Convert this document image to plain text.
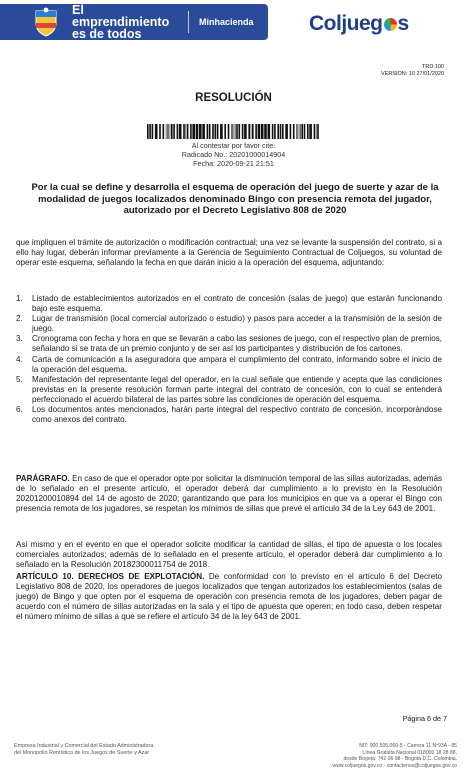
El emprendimiento
es de todos
Minhacienda	Coljueg s
TRD:100
VERSION: 10 27/01/2020
RESOLUCIÓN
Al contestar por favor cite:
Radicado No.: 20201000014904
Fecha: 2020-09-21 21:51
Por la cual se define y desarrolla el esquema de operación del juego de suerte y azar de la modalidad de juegos localizados denominado Bingo con presencia remota del jugador, autorizado por el Decreto Legislativo 808 de 2020
que impliquen el trámite de autorización o modificación contractual; una vez se levante la suspensión del contrato, si a ello hay lugar, deberán informar previamente a la Gerencia de Seguimiento Contractual de Coljuegos, su voluntad de operar este esquema, señalando la fecha en que darán inicio a la operación del esquema, adjuntando:
1.	Listado de establecimientos autorizados en el contrato de concesión (salas de juego) que estarán funcionando bajo este esquema.
2.	Lugar de transmisión (local comercial autorizado o estudio) y pasos para acceder a la transmisión de la sesión de juego.
3.	Cronograma con fecha y hora en que se llevarán a cabo las sesiones de juego, con el respectivo plan de premios, señalando si se trata de un premio conjunto y de ser así los participantes y distribución de los cartones.
4.	Carta de comunicación a la aseguradora que ampara el cumplimiento del contrato, informando sobre el inicio de la operación del esquema.
5.	Manifestación del representante legal del operador, en la cual señale que entiende y acepta que las condiciones previstas en la presente resolución forman parte integral del contrato de concesión, con lo cual se entenderá perfeccionado el acuerdo bilateral de las partes sobre las condiciones de operación del esquema.
6.	Los documentos antes mencionados, harán parte integral del respectivo contrato de concesión, incorporándose como anexos del contrato.
PARÁGRAFO. En caso de que el operador opte por solicitar la disminución temporal de las sillas autorizadas, además de lo señalado en el presente artículo, el operador deberá dar cumplimiento a lo previsto en la Resolución 20201200010894 del 14 de agosto de 2020; garantizando que para los municipios en que va a operar el Bingo con presencia remota de los jugadores, se respetan los mínimos de sillas que prevé el artículo 34 de la Ley 643 de 2001.
Así mismo y en el evento en que el operador solicite modificar la cantidad de sillas, el tipo de apuesta o los locales comerciales autorizados; además de lo señalado en el presente artículo, el operador deberá dar cumplimiento a lo señalado en la Resolución 20182300011754 de 2018.
ARTÍCULO 10. DERECHOS DE EXPLOTACIÓN. De conformidad con lo previsto en el artículo 6 del Decreto Legislativo 808 de 2020, los operadores de juegos localizados que tengan autorizados los establecimientos (salas de juego) de Bingo y que opten por el esquema de operación con presencia remota de los jugadores, deben pagar de acuerdo con el número de sillas autorizadas en la sala y el tipo de apuesta que operen; en todo caso, deben respetar el número mínimo de sillas a que se refiere el artículo 34 de la ley 643 de 2001.
Página 6 de 7
Empresa Industrial y Comercial del Estado Administradora
del Monopolio Rentístico de los Juegos de Suerte y Azar
NIT: 900.505.060-5 - Carrera 11 Nº93A - 85
Línea Gratuita Nacional 018000 18 28 88,
desde Bogotá: 742 06 98 - Bogotá D.C. Colombia.
www.coljuegos.gov.co - contactenos@coljuegos.gov.co
